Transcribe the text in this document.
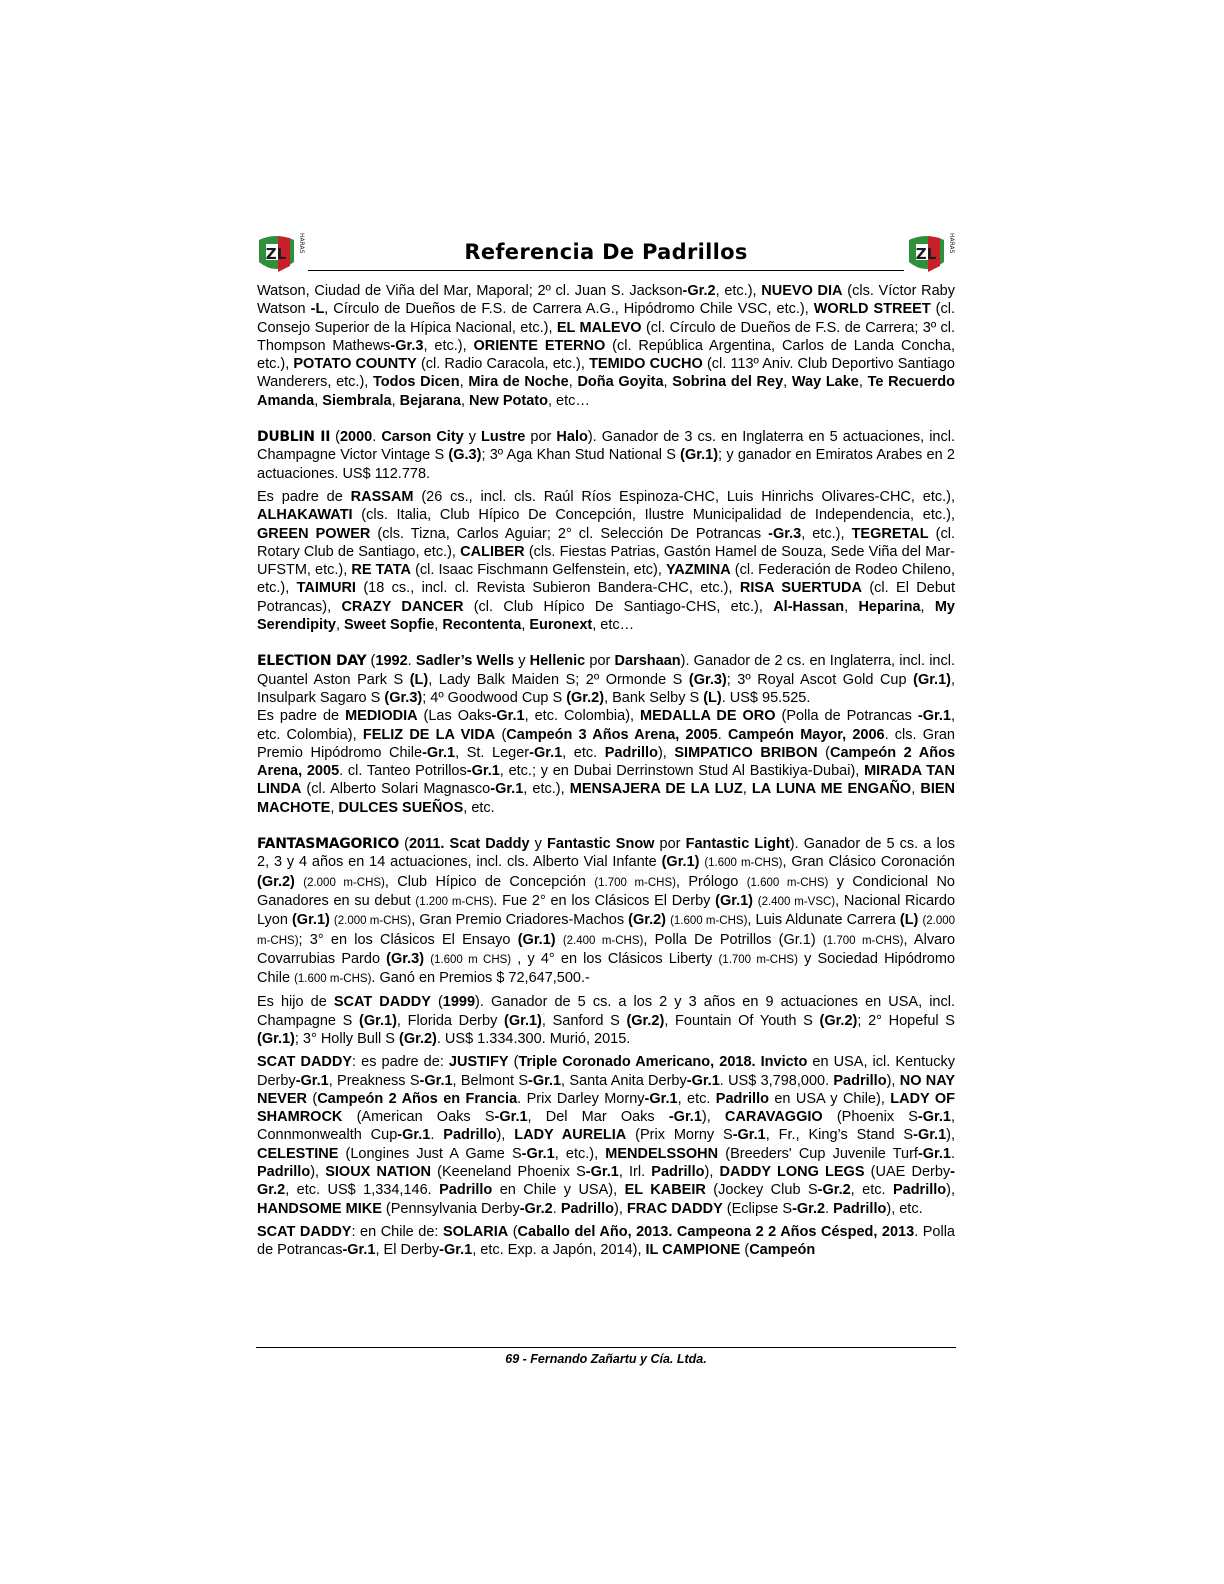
ZL
HARAS	Referencia De Padrillos	ZL
HARAS

Watson, Ciudad de Viña del Mar, Maporal; 2º cl. Juan S. Jackson-Gr.2, etc.), NUEVO DIA (cls. Víctor Raby Watson -L, Círculo de Dueños de F.S. de Carrera A.G., Hipódromo Chile VSC, etc.), WORLD STREET (cl. Consejo Superior de la Hípica Nacional, etc.), EL MALEVO (cl. Círculo de Dueños de F.S. de Carrera; 3º cl. Thompson Mathews-Gr.3, etc.), ORIENTE ETERNO (cl. República Argentina, Carlos de Landa Concha, etc.), POTATO COUNTY (cl. Radio Caracola, etc.), TEMIDO CUCHO (cl. 113º Aniv. Club Deportivo Santiago Wanderers, etc.), Todos Dicen, Mira de Noche, Doña Goyita, Sobrina del Rey, Way Lake, Te Recuerdo Amanda, Siembrala, Bejarana, New Potato, etc…

DUBLIN II (2000. Carson City y Lustre por Halo). Ganador de 3 cs. en Inglaterra en 5 actuaciones, incl. Champagne Victor Vintage S (G.3); 3º Aga Khan Stud National S (Gr.1); y ganador en Emiratos Arabes en 2 actuaciones. US$ 112.778.

Es padre de RASSAM (26 cs., incl. cls. Raúl Ríos Espinoza-CHC, Luis Hinrichs Olivares-CHC, etc.), ALHAKAWATI (cls. Italia, Club Hípico De Concepción, Ilustre Municipalidad de Independencia, etc.), GREEN POWER (cls. Tizna, Carlos Aguiar; 2° cl. Selección De Potrancas -Gr.3, etc.), TEGRETAL (cl. Rotary Club de Santiago, etc.), CALIBER (cls. Fiestas Patrias, Gastón Hamel de Souza, Sede Viña del Mar-UFSTM, etc.), RE TATA (cl. Isaac Fischmann Gelfenstein, etc), YAZMINA (cl. Federación de Rodeo Chileno, etc.), TAIMURI (18 cs., incl. cl. Revista Subieron Bandera-CHC, etc.), RISA SUERTUDA (cl. El Debut Potrancas), CRAZY DANCER (cl. Club Hípico De Santiago-CHS, etc.), Al-Hassan, Heparina, My Serendipity, Sweet Sopfie, Recontenta, Euronext, etc…

ELECTION DAY (1992. Sadler’s Wells y Hellenic por Darshaan). Ganador de 2 cs. en Inglaterra, incl. incl. Quantel Aston Park S (L), Lady Balk Maiden S; 2º Ormonde S (Gr.3); 3º Royal Ascot Gold Cup (Gr.1), Insulpark Sagaro S (Gr.3); 4º Goodwood Cup S (Gr.2), Bank Selby S (L). US$ 95.525.

Es padre de MEDIODIA (Las Oaks-Gr.1, etc. Colombia), MEDALLA DE ORO (Polla de Potrancas -Gr.1, etc. Colombia), FELIZ DE LA VIDA (Campeón 3 Años Arena, 2005. Campeón Mayor, 2006. cls. Gran Premio Hipódromo Chile-Gr.1, St. Leger-Gr.1, etc. Padrillo), SIMPATICO BRIBON (Campeón 2 Años Arena, 2005. cl. Tanteo Potrillos-Gr.1, etc.; y en Dubai Derrinstown Stud Al Bastikiya-Dubai), MIRADA TAN LINDA (cl. Alberto Solari Magnasco-Gr.1, etc.), MENSAJERA DE LA LUZ, LA LUNA ME ENGAÑO, BIEN MACHOTE, DULCES SUEÑOS, etc.

FANTASMAGORICO (2011. Scat Daddy y Fantastic Snow por Fantastic Light). Ganador de 5 cs. a los 2, 3 y 4 años en 14 actuaciones, incl. cls. Alberto Vial Infante (Gr.1) (1.600 m-CHS), Gran Clásico Coronación (Gr.2) (2.000 m-CHS), Club Hípico de Concepción (1.700 m-CHS), Prólogo (1.600 m-CHS) y Condicional No Ganadores en su debut (1.200 m-CHS). Fue 2° en los Clásicos El Derby (Gr.1) (2.400 m-VSC), Nacional Ricardo Lyon (Gr.1) (2.000 m-CHS), Gran Premio Criadores-Machos (Gr.2) (1.600 m-CHS), Luis Aldunate Carrera (L) (2.000 m-CHS); 3° en los Clásicos El Ensayo (Gr.1) (2.400 m-CHS), Polla De Potrillos (Gr.1) (1.700 m-CHS), Alvaro Covarrubias Pardo (Gr.3) (1.600 m CHS) , y 4° en los Clásicos Liberty (1.700 m-CHS) y Sociedad Hipódromo Chile (1.600 m-CHS). Ganó en Premios $ 72,647,500.-

Es hijo de SCAT DADDY (1999). Ganador de 5 cs. a los 2 y 3 años en 9 actuaciones en USA, incl. Champagne S (Gr.1), Florida Derby (Gr.1), Sanford S (Gr.2), Fountain Of Youth S (Gr.2); 2° Hopeful S (Gr.1); 3° Holly Bull S (Gr.2). US$ 1.334.300. Murió, 2015.

SCAT DADDY: es padre de: JUSTIFY (Triple Coronado Americano, 2018. Invicto en USA, icl. Kentucky Derby-Gr.1, Preakness S-Gr.1, Belmont S-Gr.1, Santa Anita Derby-Gr.1. US$ 3,798,000. Padrillo), NO NAY NEVER (Campeón 2 Años en Francia. Prix Darley Morny-Gr.1, etc. Padrillo en USA y Chile), LADY OF SHAMROCK (American Oaks S-Gr.1, Del Mar Oaks -Gr.1), CARAVAGGIO (Phoenix S-Gr.1, Connmonwealth Cup-Gr.1. Padrillo), LADY AURELIA (Prix Morny S-Gr.1, Fr., King’s Stand S-Gr.1), CELESTINE (Longines Just A Game S-Gr.1, etc.), MENDELSSOHN (Breeders' Cup Juvenile Turf-Gr.1. Padrillo), SIOUX NATION (Keeneland Phoenix S-Gr.1, Irl. Padrillo), DADDY LONG LEGS (UAE Derby-Gr.2, etc. US$ 1,334,146. Padrillo en Chile y USA), EL KABEIR (Jockey Club S-Gr.2, etc. Padrillo), HANDSOME MIKE (Pennsylvania Derby-Gr.2. Padrillo), FRAC DADDY (Eclipse S-Gr.2. Padrillo), etc.

SCAT DADDY: en Chile de: SOLARIA (Caballo del Año, 2013. Campeona 2 2 Años Césped, 2013. Polla de Potrancas-Gr.1, El Derby-Gr.1, etc. Exp. a Japón, 2014), IL CAMPIONE (Campeón

69 - Fernando Zañartu y Cía. Ltda.
